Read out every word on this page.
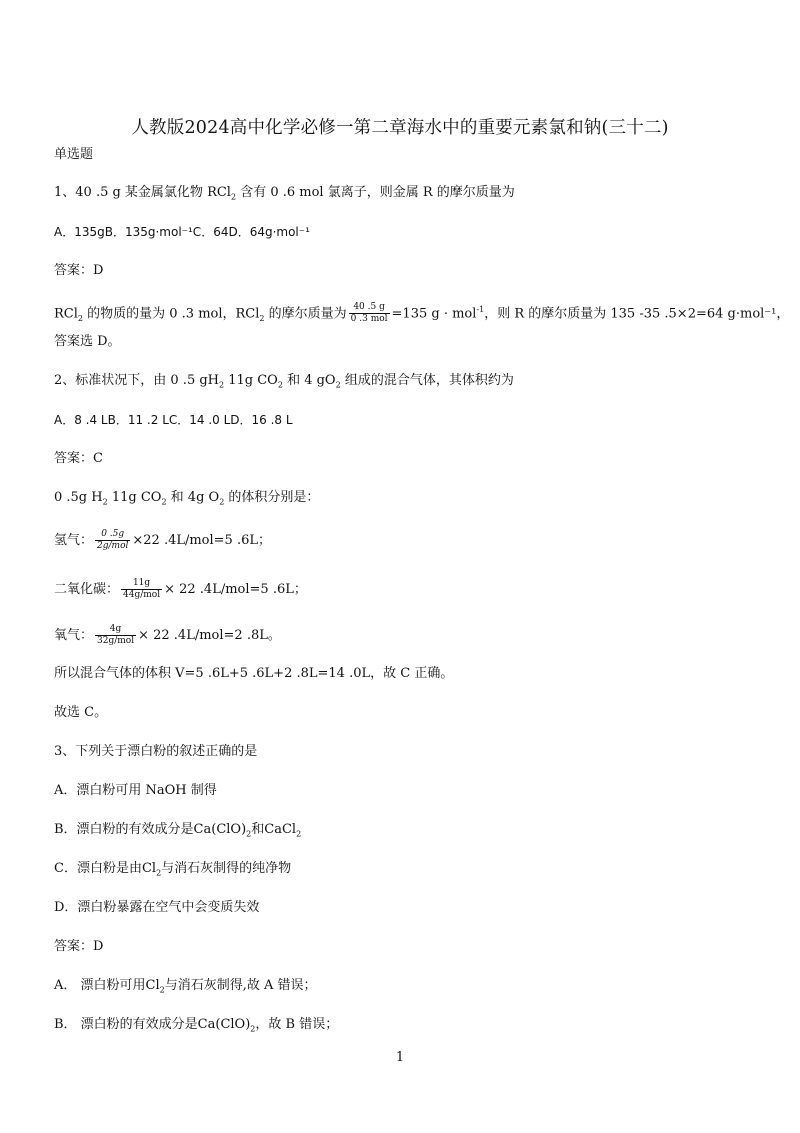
人教版2024高中化学必修一第二章海水中的重要元素氯和钠(三十二)
单选题
1、40 .5 g 某金属氯化物 RCl$_2$ 含有 0 .6 mol 氯离子，则金属 R 的摩尔质量为
A．135gB．135g·mol⁻¹C．64D．64g·mol⁻¹
答案：D
RCl$_2$ 的物质的量为 0 .3 mol，RCl$_2$ 的摩尔质量为 $\frac{40 .5 g}{\text{0 .3 mol}} =135$ g · mol$^{-1}$，则 R 的摩尔质量为 135 -35 .5×2=64 g·mol⁻¹，
答案选 D。
2、标准状况下，由 0 .5 $gH_2$ 11g $CO_2$ 和 4 $gO_2$ 组成的混合气体，其体积约为
A．8 .4 LB．11 .2 LC．14 .0 LD．16 .8 L
答案：C
0 .5g $H_2$ 11g $CO_2$ 和 4g $O_2$ 的体积分别是：
氢气： $\frac{0 .5g}{\text{2g/mol}} \times 22$ .4L/mol=5 .6L；
二氧化碳： $\frac{11g}{\text{44g/mol}} \times 22$ .4L/mol=5 .6L；
氧气： $\frac{4g}{\text{32g/mol}} \times 22$ .4L/mol=2 .8L。
所以混合气体的体积 V=5 .6L+5 .6L+2 .8L=14 .0L，故 C 正确。
故选 C。
3、下列关于漂白粉的叙述正确的是
A．漂白粉可用 NaOH 制得
B．漂白粉的有效成分是$Ca(ClO)_2$和CaCl$_2$
C．漂白粉是由$Cl_2$与消石灰制得的纯净物
D．漂白粉暴露在空气中会变质失效
答案：D
A． 漂白粉可用$Cl_2$与消石灰制得,故 A 错误；
B． 漂白粉的有效成分是$Ca(ClO)_2$，故 B 错误；
1
